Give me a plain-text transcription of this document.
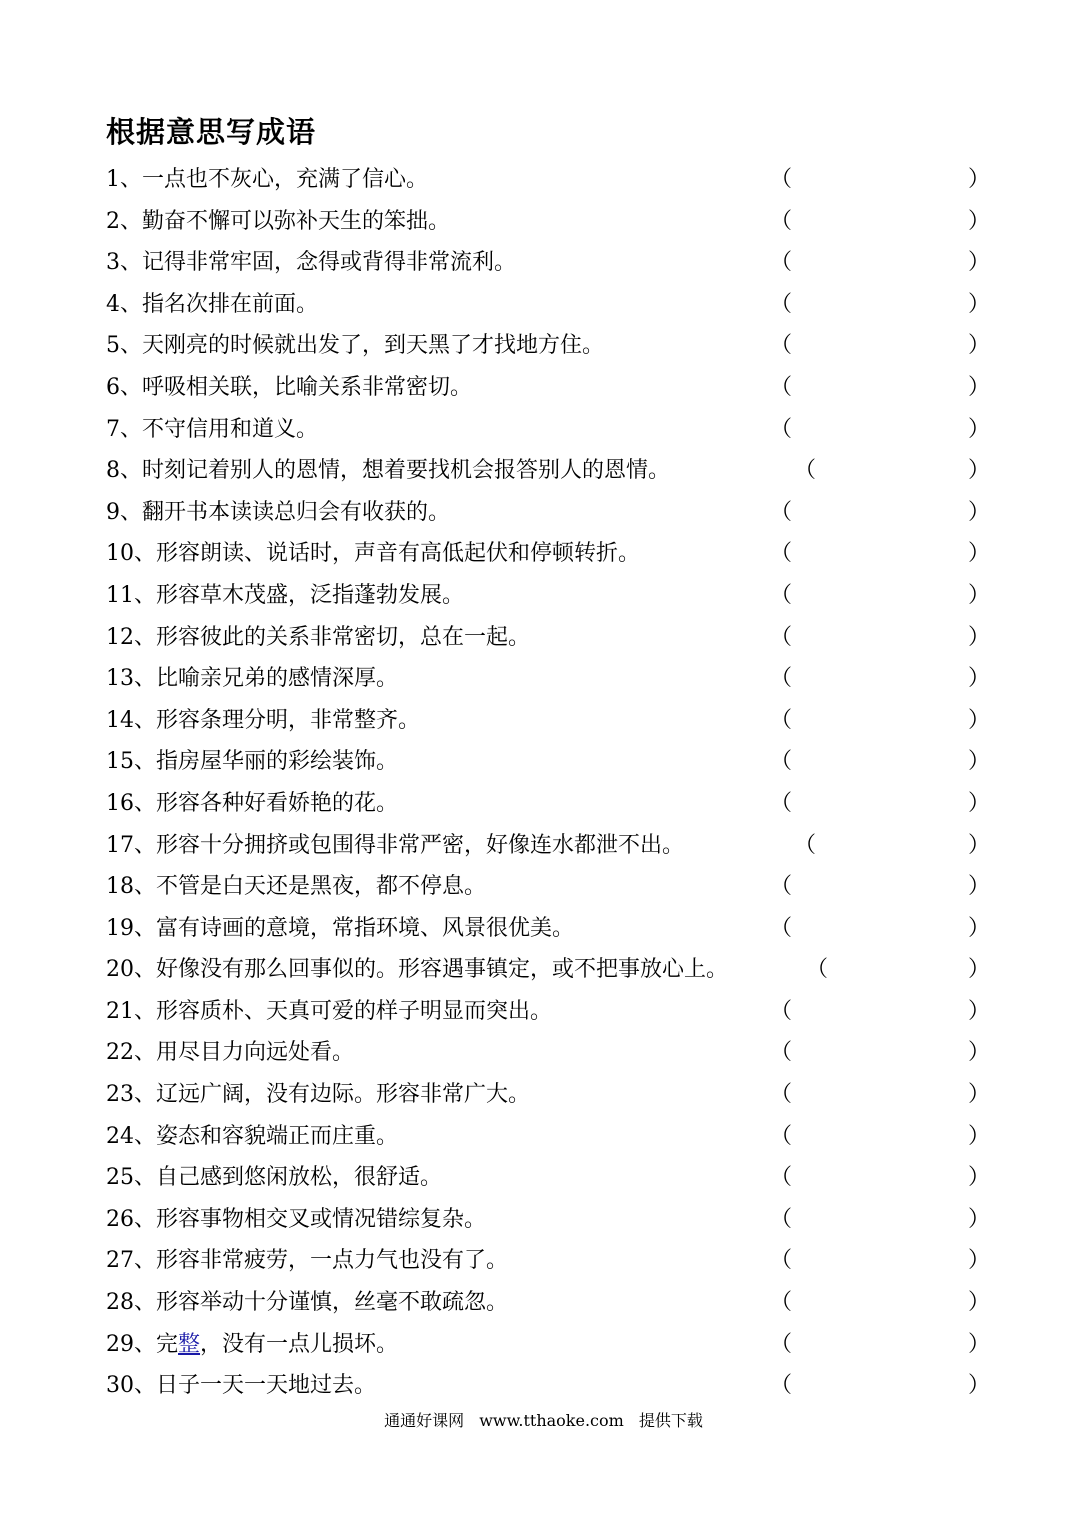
根据意思写成语
1、一点也不灰心，充满了信心。	（	）
2、勤奋不懈可以弥补天生的笨拙。	（	）
3、记得非常牢固，念得或背得非常流利。	（	）
4、指名次排在前面。	（	）
5、天刚亮的时候就出发了，到天黑了才找地方住。	（	）
6、呼吸相关联，比喻关系非常密切。	（	）
7、不守信用和道义。	（	）
8、时刻记着别人的恩情，想着要找机会报答别人的恩情。	（	）
9、翻开书本读读总归会有收获的。	（	）
10、形容朗读、说话时，声音有高低起伏和停顿转折。	（	）
11、形容草木茂盛，泛指蓬勃发展。	（	）
12、形容彼此的关系非常密切，总在一起。	（	）
13、比喻亲兄弟的感情深厚。	（	）
14、形容条理分明，非常整齐。	（	）
15、指房屋华丽的彩绘装饰。	（	）
16、形容各种好看娇艳的花。	（	）
17、形容十分拥挤或包围得非常严密，好像连水都泄不出。	（	）
18、不管是白天还是黑夜，都不停息。	（	）
19、富有诗画的意境，常指环境、风景很优美。	（	）
20、好像没有那么回事似的。形容遇事镇定，或不把事放心上。	（	）
21、形容质朴、天真可爱的样子明显而突出。	（	）
22、用尽目力向远处看。	（	）
23、辽远广阔，没有边际。形容非常广大。	（	）
24、姿态和容貌端正而庄重。	（	）
25、自己感到悠闲放松，很舒适。	（	）
26、形容事物相交叉或情况错综复杂。	（	）
27、形容非常疲劳，一点力气也没有了。	（	）
28、形容举动十分谨慎，丝毫不敢疏忽。	（	）
29、完整，没有一点儿损坏。	（	）
30、日子一天一天地过去。	（	）
通通好课网 www.tthaoke.com 提供下载
